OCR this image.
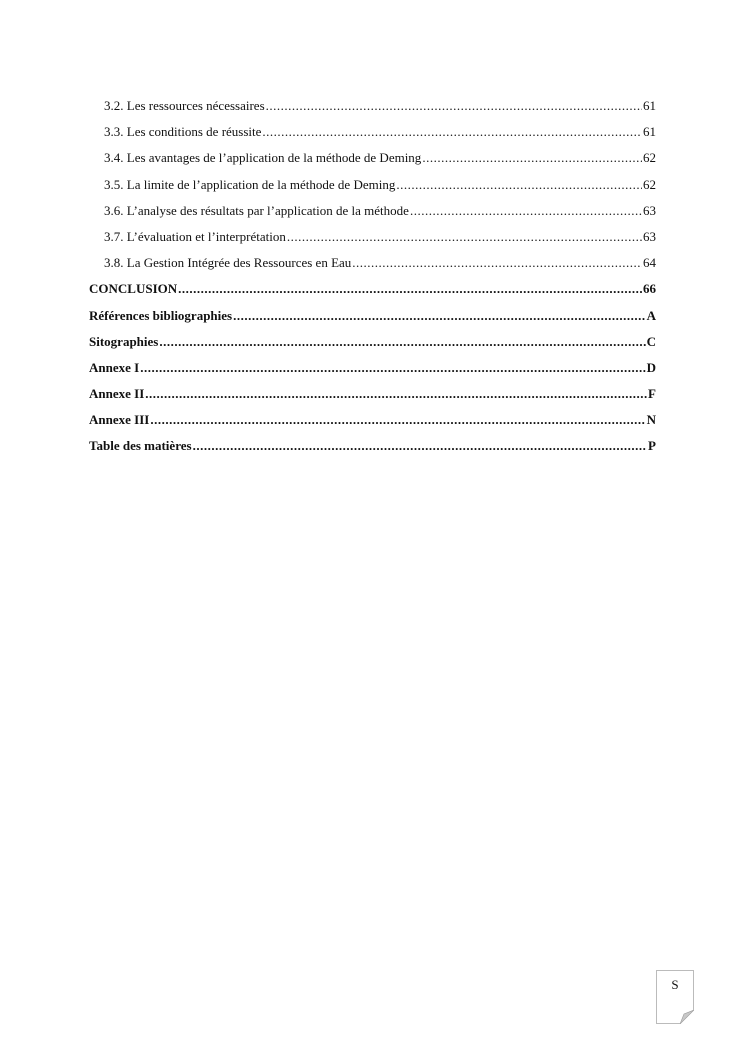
3.2. Les ressources nécessaires .....	61
3.3. Les conditions de réussite .....	61
3.4. Les avantages de l’application de la méthode de Deming .....	62
3.5. La limite de l’application de la méthode de Deming .....	62
3.6. L’analyse des résultats par l’application de la méthode .....	63
3.7. L’évaluation et l’interprétation .....	63
3.8. La Gestion Intégrée des Ressources en Eau .....	64
CONCLUSION .....	66
Références bibliographies .....	A
Sitographies .....	C
Annexe I .....	D
Annexe II .....	F
Annexe III .....	N
Table des matières .....	P
S
